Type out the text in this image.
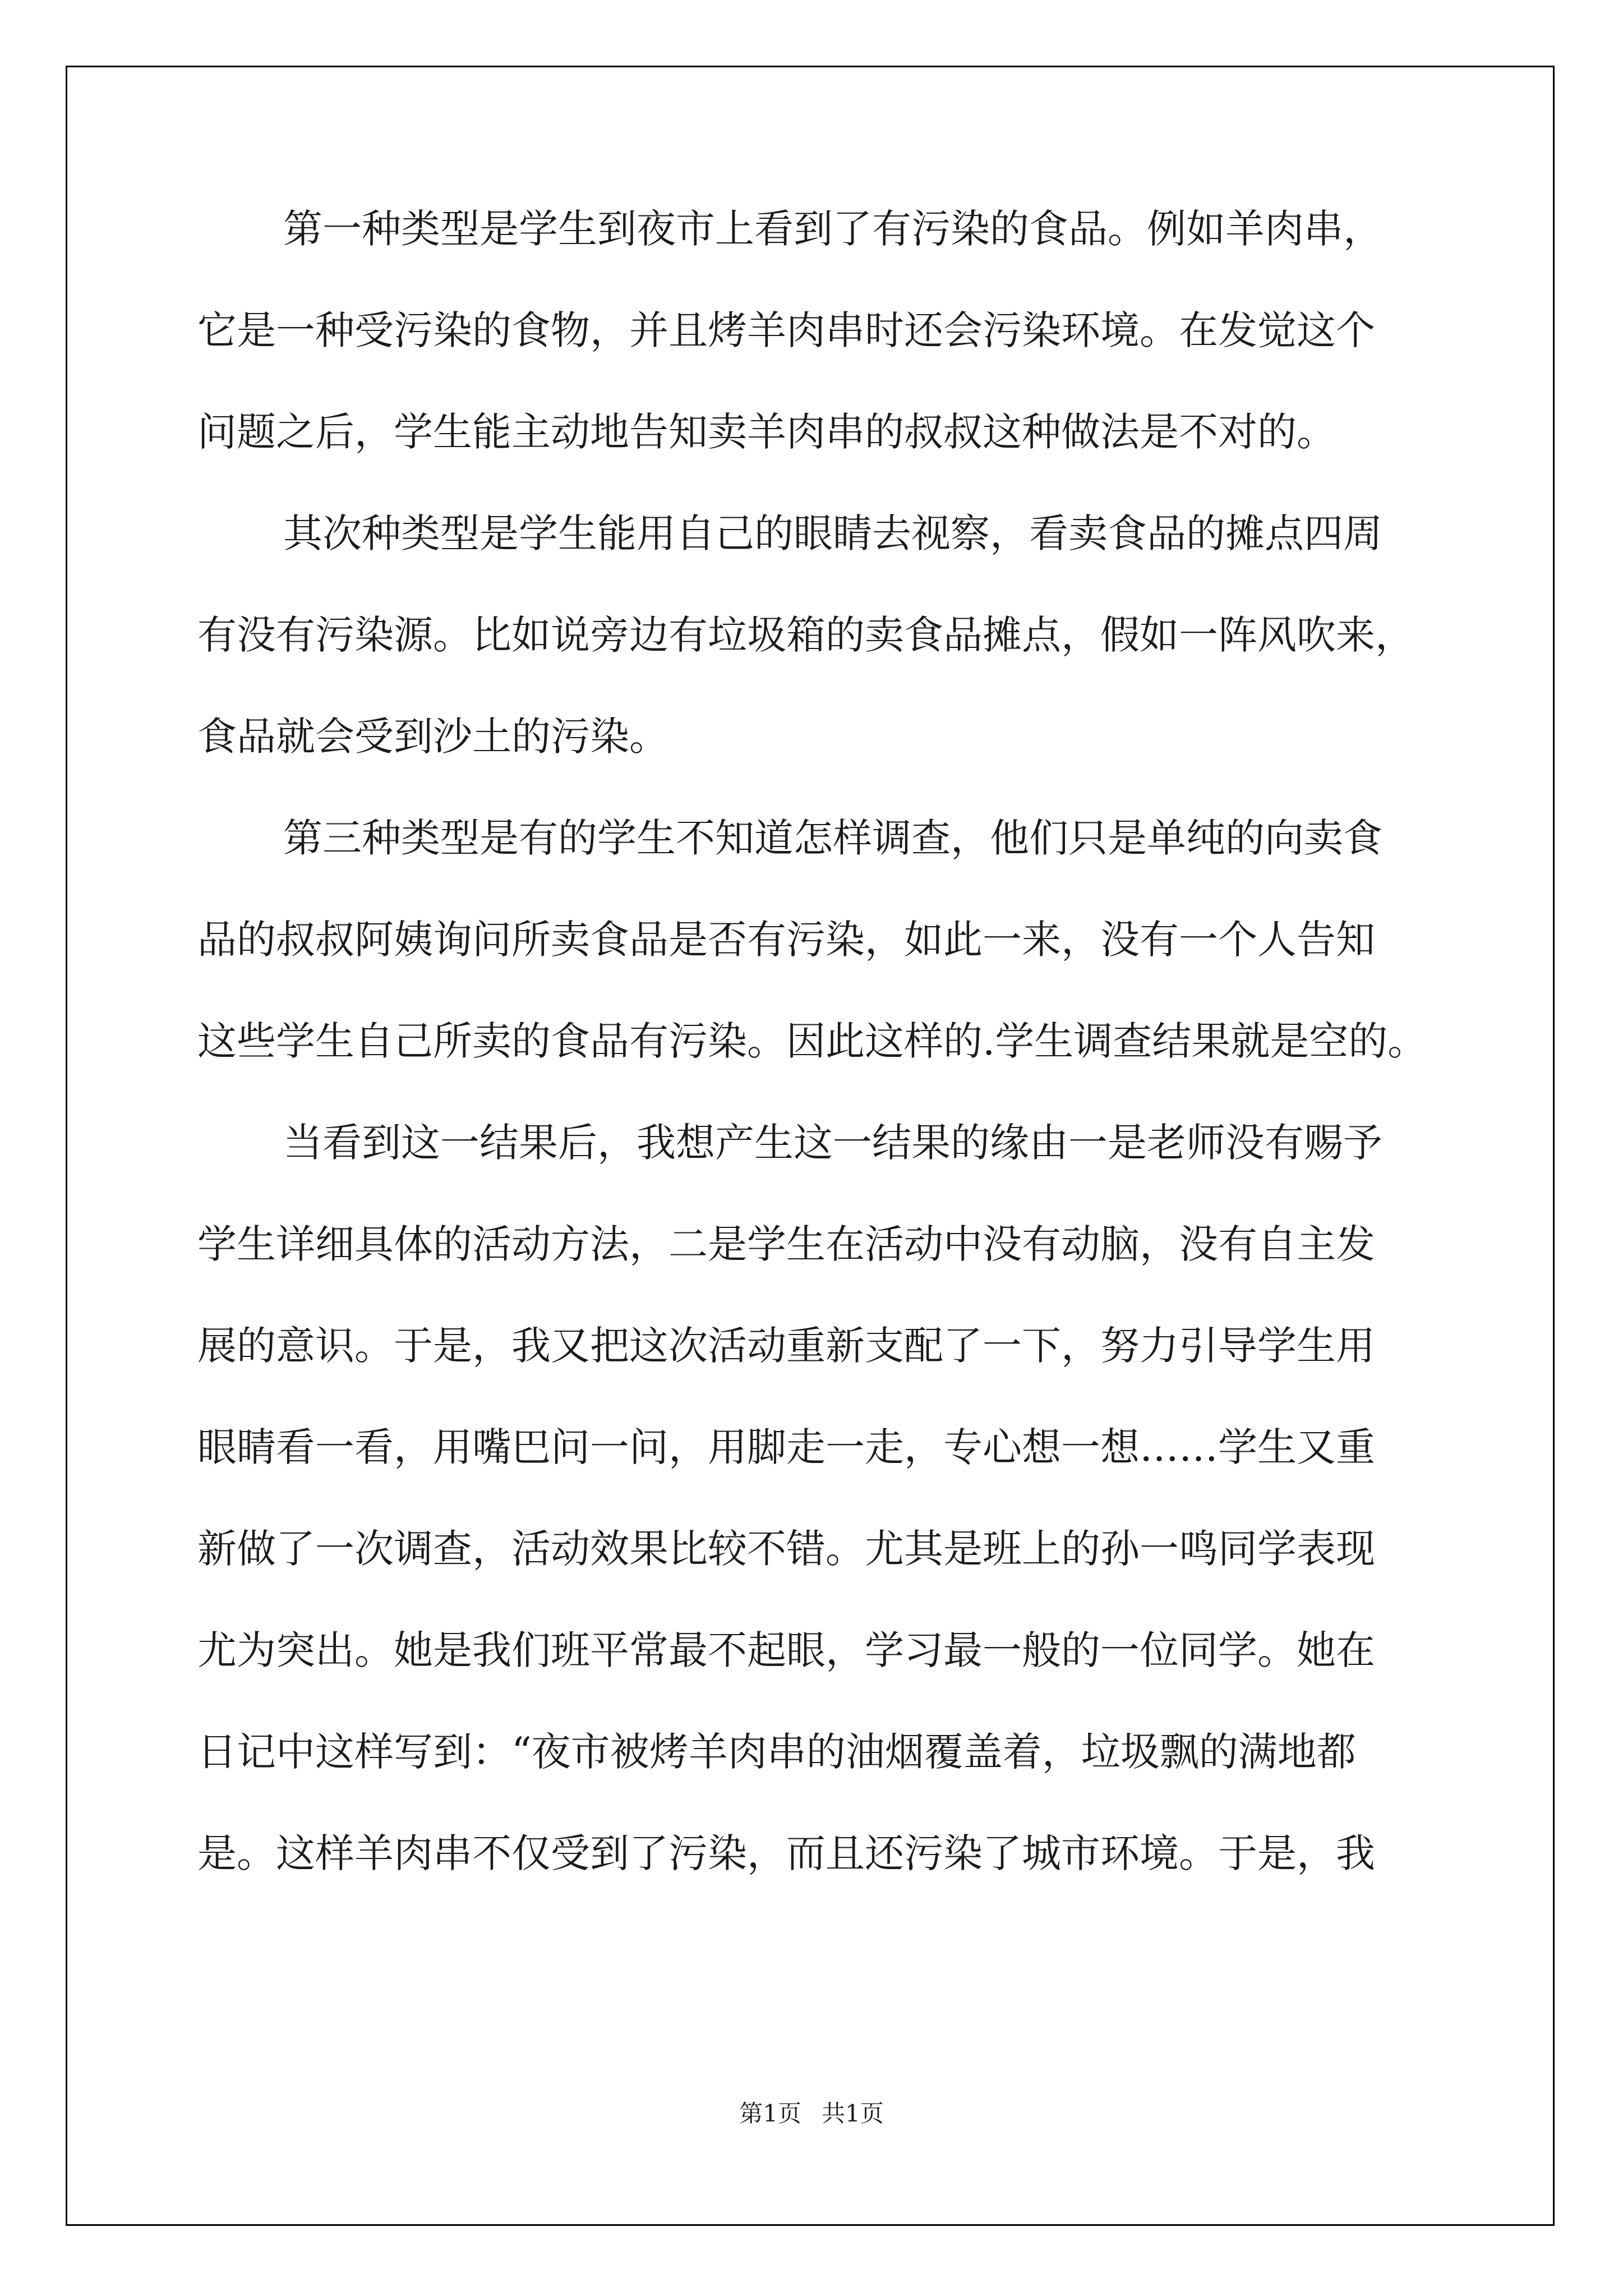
第一种类型是学生到夜市上看到了有污染的食品。例如羊肉串，
它是一种受污染的食物，并且烤羊肉串时还会污染环境。在发觉这个
问题之后，学生能主动地告知卖羊肉串的叔叔这种做法是不对的。
其次种类型是学生能用自己的眼睛去视察，看卖食品的摊点四周
有没有污染源。比如说旁边有垃圾箱的卖食品摊点，假如一阵风吹来，
食品就会受到沙土的污染。
第三种类型是有的学生不知道怎样调查，他们只是单纯的向卖食
品的叔叔阿姨询问所卖食品是否有污染，如此一来，没有一个人告知
这些学生自己所卖的食品有污染。因此这样的.学生调查结果就是空的。
当看到这一结果后，我想产生这一结果的缘由一是老师没有赐予
学生详细具体的活动方法，二是学生在活动中没有动脑，没有自主发
展的意识。于是，我又把这次活动重新支配了一下，努力引导学生用
眼睛看一看，用嘴巴问一问，用脚走一走，专心想一想……学生又重
新做了一次调查，活动效果比较不错。尤其是班上的孙一鸣同学表现
尤为突出。她是我们班平常最不起眼，学习最一般的一位同学。她在
日记中这样写到：“夜市被烤羊肉串的油烟覆盖着，垃圾飘的满地都
是。这样羊肉串不仅受到了污染，而且还污染了城市环境。于是，我
第1页 共1页
